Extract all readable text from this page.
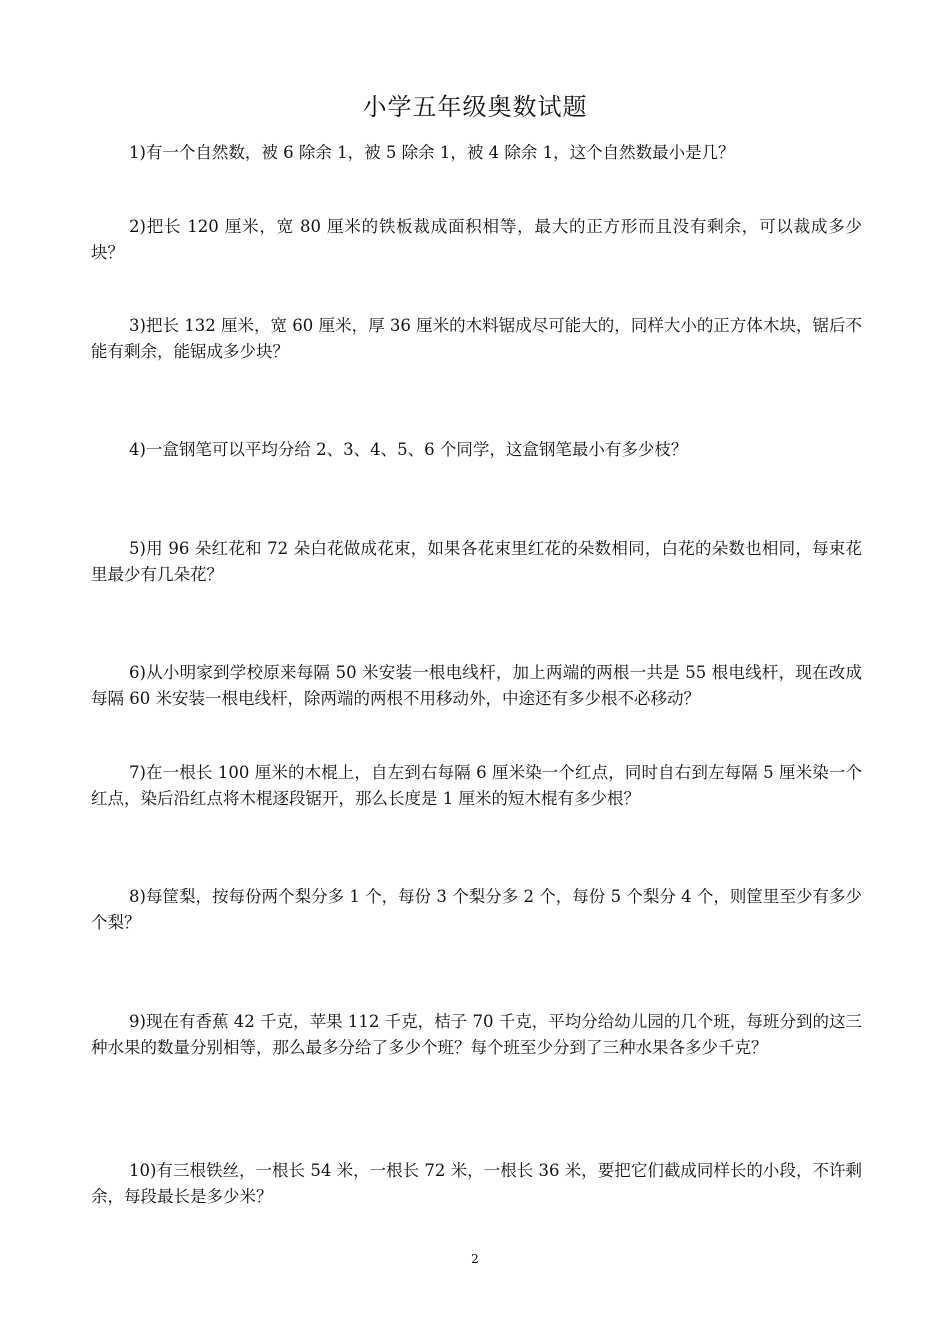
小学五年级奥数试题

1)有一个自然数，被 6 除余 1，被 5 除余 1，被 4 除余 1，这个自然数最小是几？

2)把长 120 厘米，宽 80 厘米的铁板裁成面积相等，最大的正方形而且没有剩余，可以裁成多少块？

3)把长 132 厘米，宽 60 厘米，厚 36 厘米的木料锯成尽可能大的，同样大小的正方体木块，锯后不能有剩余，能锯成多少块？

4)一盒钢笔可以平均分给 2、3、4、5、6 个同学，这盒钢笔最小有多少枝？

5)用 96 朵红花和 72 朵白花做成花束，如果各花束里红花的朵数相同，白花的朵数也相同，每束花里最少有几朵花？

6)从小明家到学校原来每隔 50 米安装一根电线杆，加上两端的两根一共是 55 根电线杆，现在改成每隔 60 米安装一根电线杆，除两端的两根不用移动外，中途还有多少根不必移动？

7)在一根长 100 厘米的木棍上，自左到右每隔 6 厘米染一个红点，同时自右到左每隔 5 厘米染一个红点，染后沿红点将木棍逐段锯开，那么长度是 1 厘米的短木棍有多少根？

8)每筐梨，按每份两个梨分多 1 个，每份 3 个梨分多 2 个，每份 5 个梨分 4 个，则筐里至少有多少个梨？

9)现在有香蕉 42 千克，苹果 112 千克，桔子 70 千克，平均分给幼儿园的几个班，每班分到的这三种水果的数量分别相等，那么最多分给了多少个班？每个班至少分到了三种水果各多少千克？

10)有三根铁丝，一根长 54 米，一根长 72 米，一根长 36 米，要把它们截成同样长的小段，不许剩余，每段最长是多少米？

2
